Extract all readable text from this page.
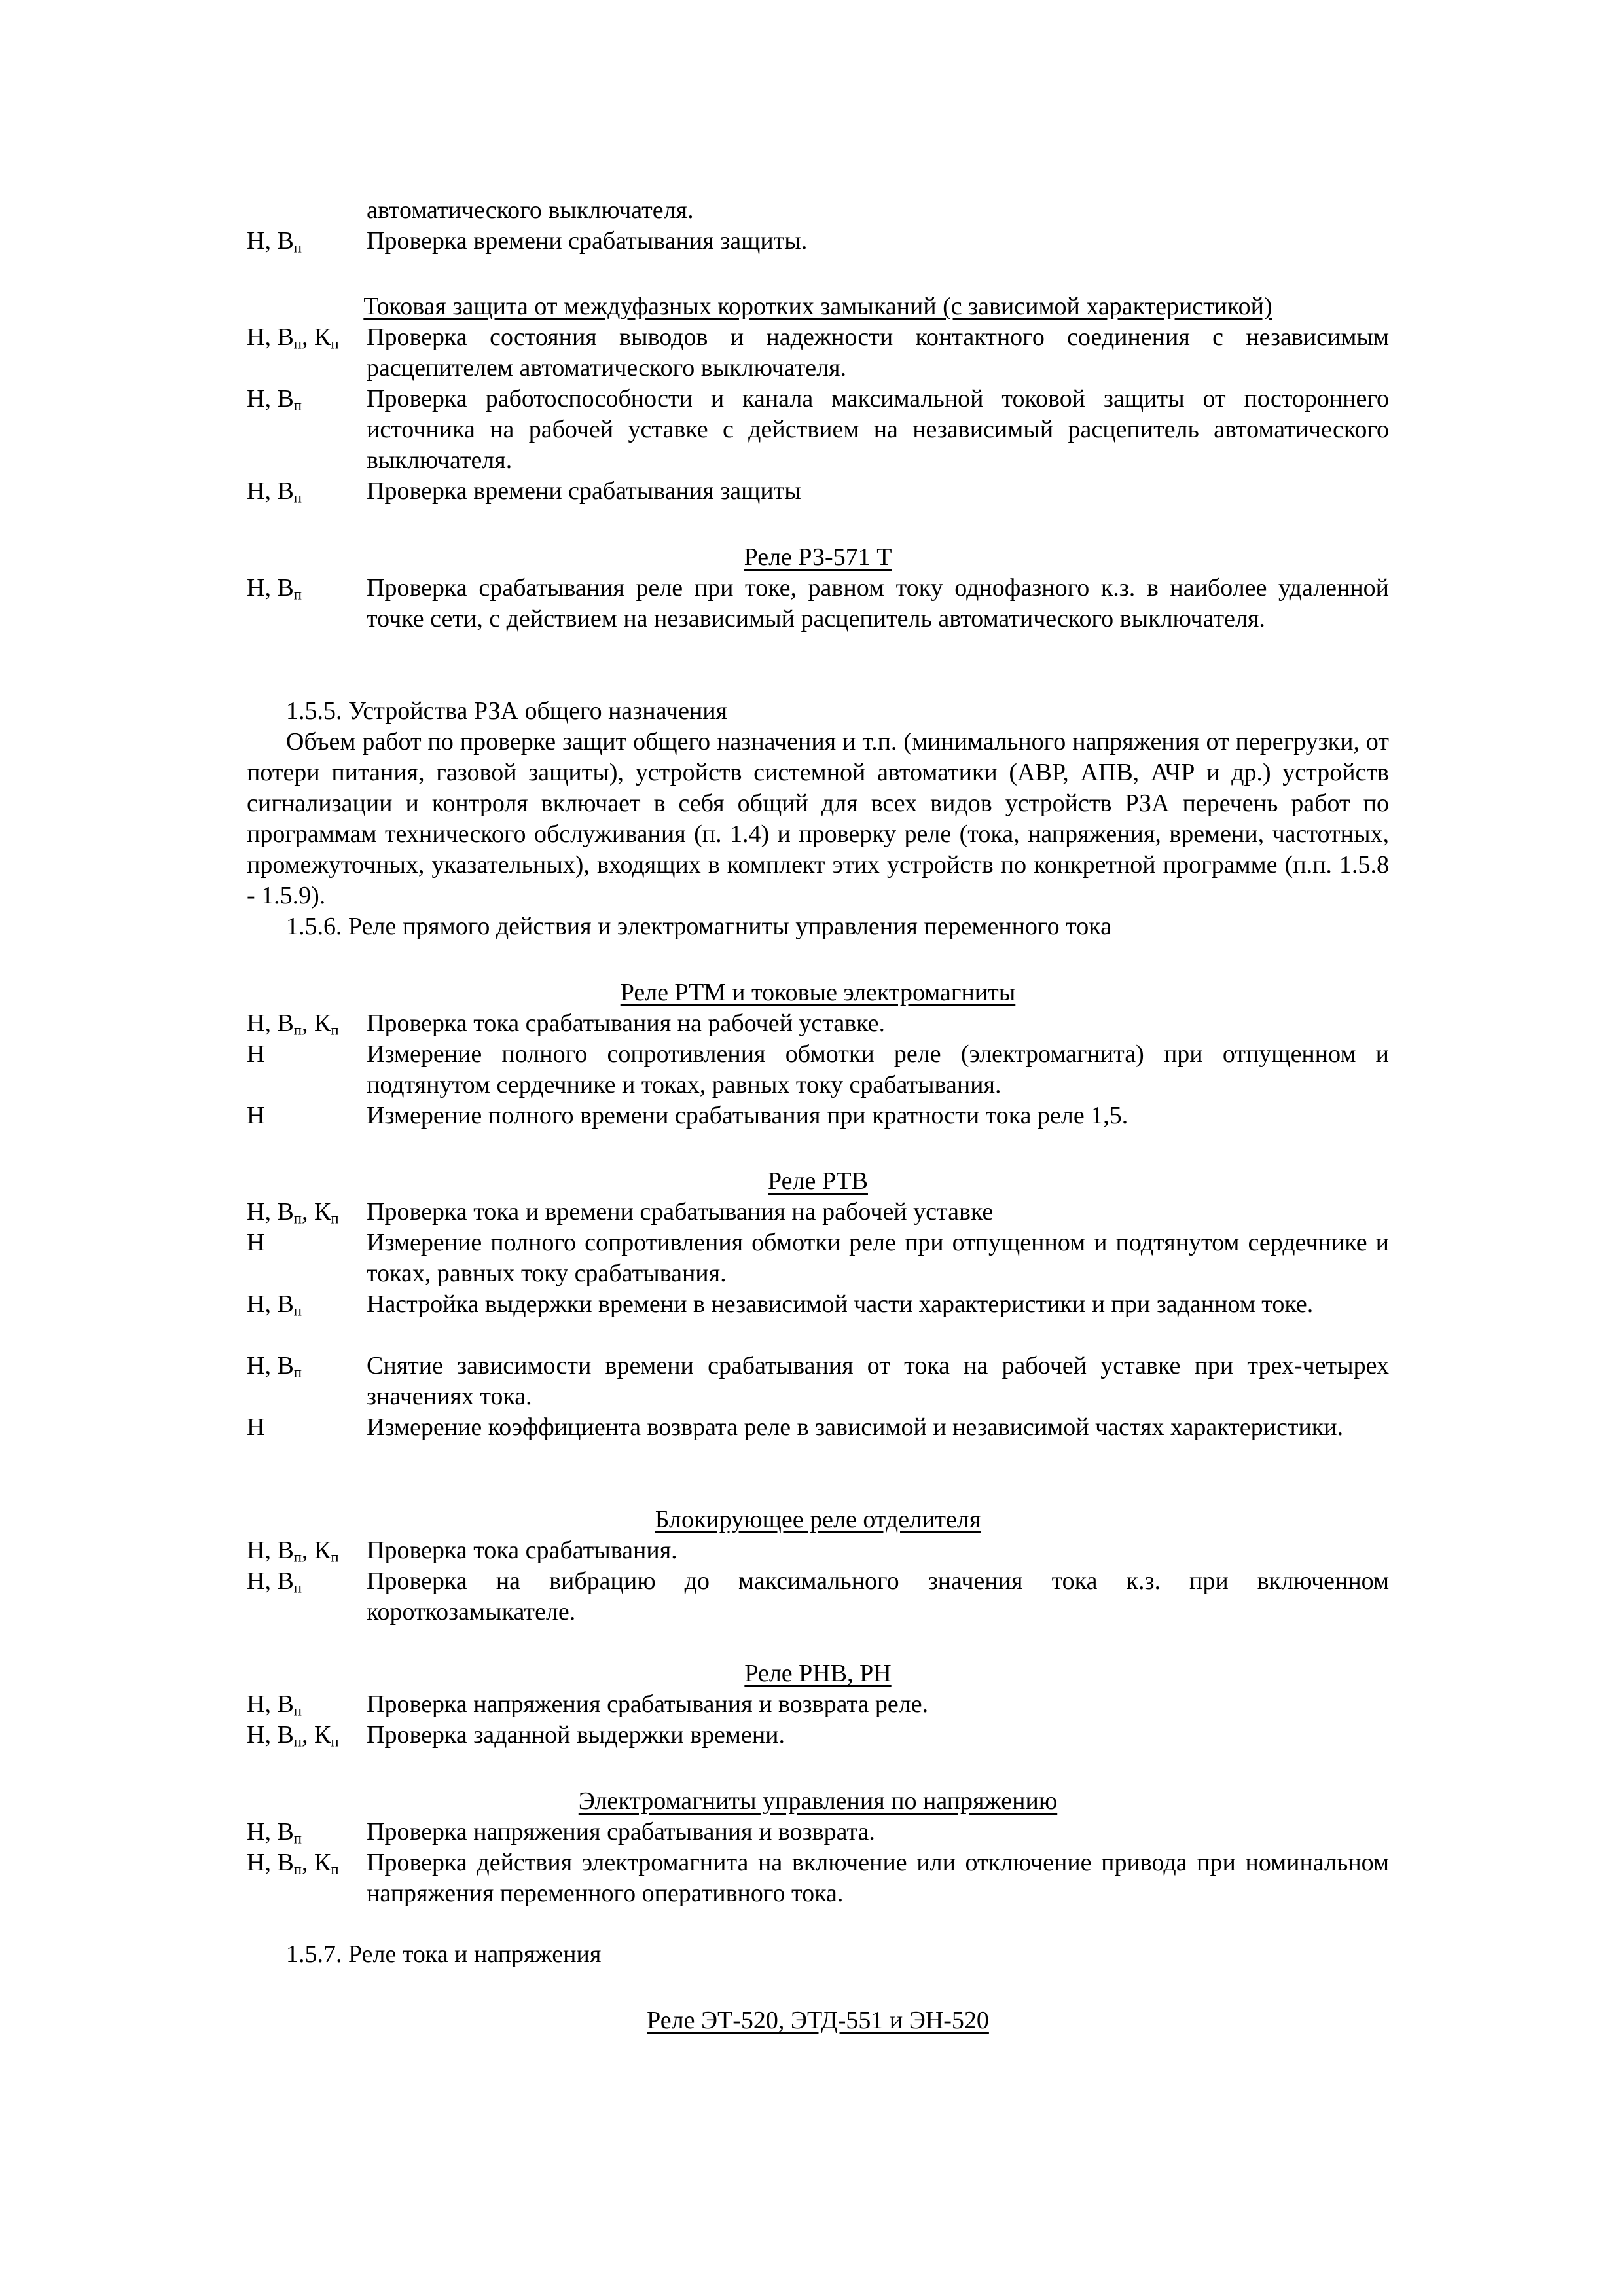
автоматического выключателя.
Н, $В_п$	Проверка времени срабатывания защиты.
Токовая защита от междуфазных коротких замыканий (с зависимой характеристикой)
Н, $В_п$, $К_п$ Проверка состояния выводов и надежности контактного соединения с независимым расцепителем автоматического выключателя.
Н, $В_п$	Проверка работоспособности и канала максимальной токовой защиты от постороннего источника на рабочей уставке с действием на независимый расцепитель автоматического выключателя.
Н, $В_п$	Проверка времени срабатывания защиты
Реле РЗ-571 Т
Н, $В_п$	Проверка срабатывания реле при токе, равном току однофазного к.з. в наиболее удаленной точке сети, с действием на независимый расцепитель автоматического выключателя.
1.5.5. Устройства РЗА общего назначения
Объем работ по проверке защит общего назначения и т.п. (минимального напряжения от перегрузки, от потери питания, газовой защиты), устройств системной автоматики (АВР, АПВ, АЧР и др.) устройств сигнализации и контроля включает в себя общий для всех видов устройств РЗА перечень работ по программам технического обслуживания (п. 1.4) и проверку реле (тока, напряжения, времени, частотных, промежуточных, указательных), входящих в комплект этих устройств по конкретной программе (п.п. 1.5.8 - 1.5.9).
1.5.6. Реле прямого действия и электромагниты управления переменного тока
Реле РТМ и токовые электромагниты
Н, $В_п$, $К_п$ Проверка тока срабатывания на рабочей уставке.
Н	Измерение полного сопротивления обмотки реле (электромагнита) при отпущенном и подтянутом сердечнике и токах, равных току срабатывания.
Н	Измерение полного времени срабатывания при кратности тока реле 1,5.
Реле РТВ
Н, $В_п$, $К_п$ Проверка тока и времени срабатывания на рабочей уставке
Н	Измерение полного сопротивления обмотки реле при отпущенном и подтянутом сердечнике и токах, равных току срабатывания.
Н, $В_п$	Настройка выдержки времени в независимой части характеристики и при заданном токе.
Н, $В_п$	Снятие зависимости времени срабатывания от тока на рабочей уставке при трех-четырех значениях тока.
Н	Измерение коэффициента возврата реле в зависимой и независимой частях характеристики.
Блокирующее реле отделителя
Н, $В_п$, $К_п$ Проверка тока срабатывания.
Н, $В_п$	Проверка на вибрацию до максимального значения тока к.з. при включенном короткозамыкателе.
Реле РНВ, РН
Н, $В_п$	Проверка напряжения срабатывания и возврата реле.
Н, $В_п$, $К_п$ Проверка заданной выдержки времени.
Электромагниты управления по напряжению
Н, $В_п$	Проверка напряжения срабатывания и возврата.
Н, $В_п$, $К_п$ Проверка действия электромагнита на включение или отключение привода при номинальном напряжения переменного оперативного тока.
1.5.7. Реле тока и напряжения
Реле ЭТ-520, ЭТД-551 и ЭН-520
